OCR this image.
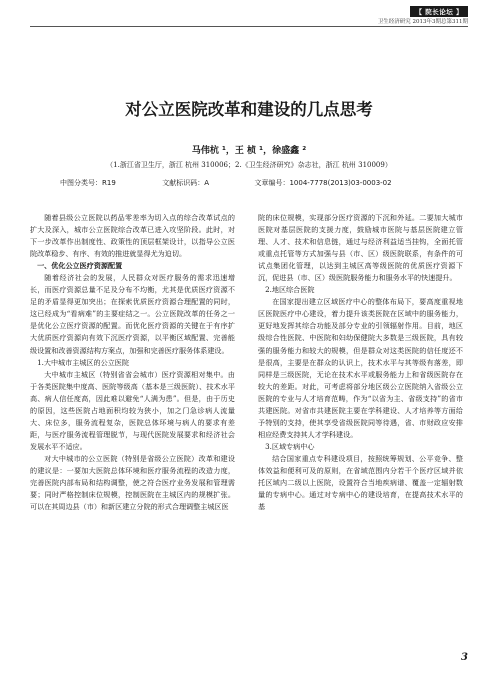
【 院长论坛 】
卫生经济研究 2013年3期总第311期
对公立医院改革和建设的几点思考
马伟杭 ¹，王 桢 ¹，徐盛鑫 ²
（1.浙江省卫生厅，浙江 杭州 310006；2.《卫生经济研究》杂志社，浙江 杭州 310009）
中图分类号：R19	文献标识码：A	文章编号：1004-7778(2013)03-0003-02

随着县级公立医院以药品零差率为切入点的综合改革试点的扩大及深入，城市公立医院综合改革已进入攻坚阶段。此时，对下一步改革作出制度性、政策性的顶层框架设计，以指导公立医院改革稳步、有序、有效的推进就显得尤为迫切。

一、优化公立医疗资源配置

随着经济社会的发展，人民群众对医疗服务的需求迅速增长，而医疗资源总量不足及分布不均衡，尤其是优质医疗资源不足的矛盾显得更加突出；在探索优质医疗资源合理配置的同时，这已经成为“看病难”的主要症结之一。公立医院改革的任务之一是优化公立医疗资源的配置。而优化医疗资源的关键在于有序扩大优质医疗资源向有效下沉医疗资源，以平衡区域配置、完善能级设置和改善资源结构方案点，加强和完善医疗服务体系建设。

1.大中城市主城区的公立医院

大中城市主城区（特别省省会城市）医疗资源相对集中。由于各类医院集中度高、医院等级高（基本是三级医院）、技术水平高、病人信任度高，因此难以避免“人满为患”。但是，由于历史的原因，这些医院占地面积均较为狭小，加之门急诊病人流量大、床位多，服务流程复杂，医院总体环境与病人的要求有差距，与医疗服务流程管理脱节，与现代医院发展要求和经济社会发展水平不适应。

对大中城市的公立医院（特别是省级公立医院）改革和建设的建议是：一要加大医院总体环境和医疗服务流程的改造力度，完善医院内部布局和结构调整，使之符合医疗业务发展和管理需要；同时严格控制床位规模，控制医院在主城区内的规模扩张。可以在其周边县（市）和新区建立分院的形式合理调整主城区医

院的床位规模，实现部分医疗资源的下沉和外延。二要加大城市医院对基层医院的支援力度，鼓励城市医院与基层医院建立管理、人才、技术和信息链，通过与经济利益适当挂钩，全面托管或重点托管等方式加强与县（市、区）级医院联系，有条件的可试点集团化管理，以达到主城区高等级医院的优质医疗资源下沉，促进县（市、区）级医院服务能力和服务水平的快速提升。

2.地区综合医院

在国家提出建立区域医疗中心的整体布局下，要高度重视地区医院医疗中心建设，着力提升该类医院在区域中的服务能力，更好地发挥其综合功能及部分专业的引领辐射作用。目前，地区级综合性医院、中医院和妇幼保健院大多数是三级医院，具有较强的服务能力和较大的规模，但是群众对这类医院的信任度还不是很高，主要是在群众的认识上，技术水平与其等级有落差，即同样是三级医院，无论在技术水平或服务能力上和省级医院存在较大的差距。对此，可考虑将部分地区级公立医院纳入省级公立医院的专业与人才培育范畴，作为“以省为主、省级支持”的省市共建医院。对省市共建医院主要在学科建设、人才培养等方面给予特别的支持，使其享受省级医院同等待遇，省、市财政应安排相应经费支持其人才学科建设。

3.区域专病中心

结合国家重点专科建设项目，按照统筹规划、公平竞争、整体效益和便利可及的原则，在省域范围内分若干个医疗区域并依托区域内二级以上医院，设置符合当地疾病谱、覆盖一定辐射数量的专病中心。通过对专病中心的建设培育，在提高技术水平的基

3
